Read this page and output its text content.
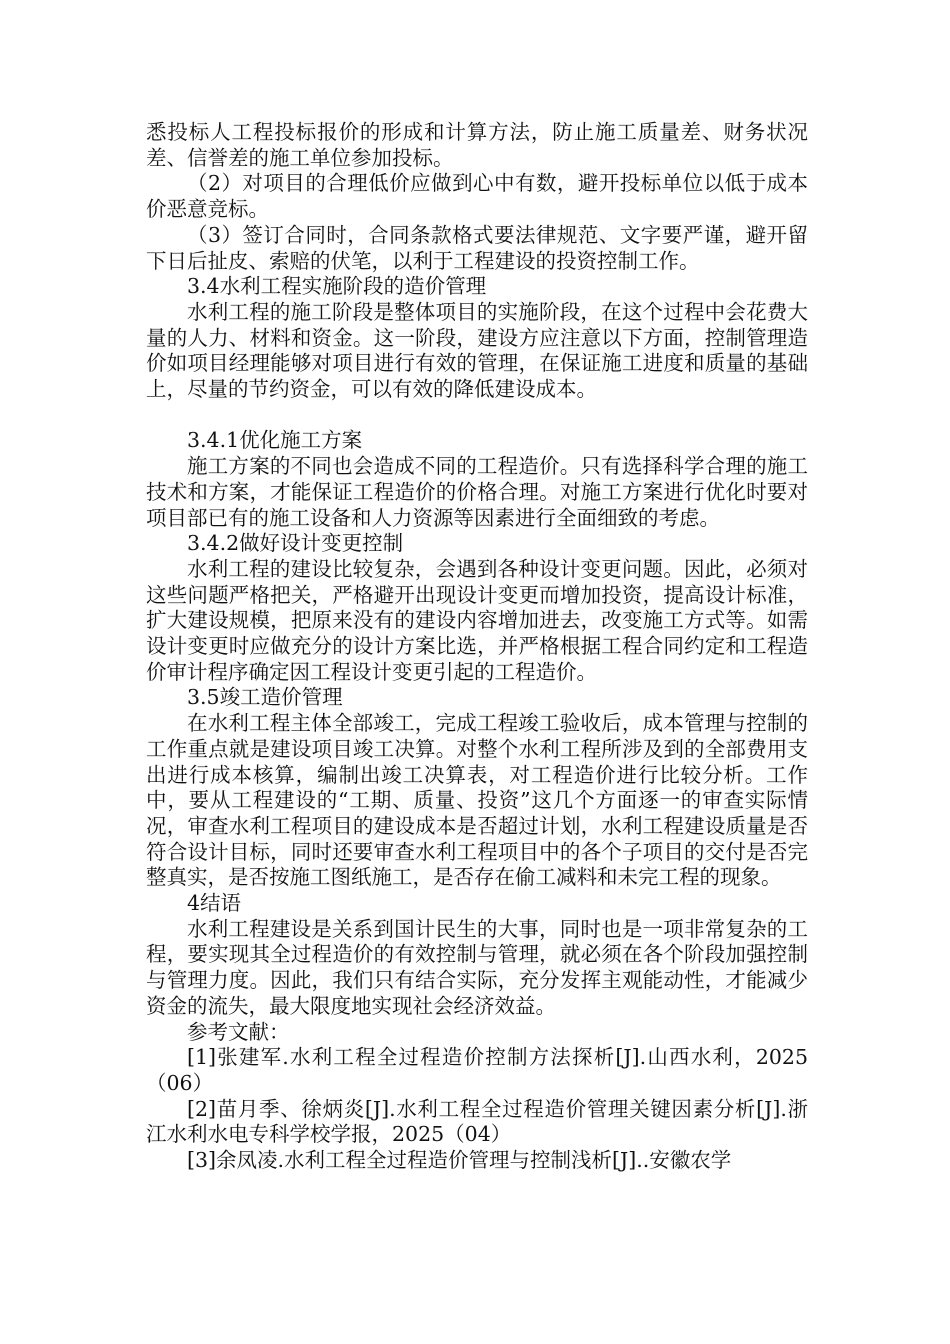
悉投标人工程投标报价的形成和计算方法，防止施工质量差、财务状况差、信誉差的施工单位参加投标。

（2）对项目的合理低价应做到心中有数，避开投标单位以低于成本价恶意竞标。

（3）签订合同时，合同条款格式要法律规范、文字要严谨，避开留下日后扯皮、索赔的伏笔，以利于工程建设的投资控制工作。

3.4水利工程实施阶段的造价管理

水利工程的施工阶段是整体项目的实施阶段，在这个过程中会花费大量的人力、材料和资金。这一阶段，建设方应注意以下方面，控制管理造价如项目经理能够对项目进行有效的管理，在保证施工进度和质量的基础上，尽量的节约资金，可以有效的降低建设成本。

3.4.1优化施工方案

施工方案的不同也会造成不同的工程造价。只有选择科学合理的施工技术和方案，才能保证工程造价的价格合理。对施工方案进行优化时要对项目部已有的施工设备和人力资源等因素进行全面细致的考虑。

3.4.2做好设计变更控制

水利工程的建设比较复杂，会遇到各种设计变更问题。因此，必须对这些问题严格把关，严格避开出现设计变更而增加投资，提高设计标准，扩大建设规模，把原来没有的建设内容增加进去，改变施工方式等。如需设计变更时应做充分的设计方案比选，并严格根据工程合同约定和工程造价审计程序确定因工程设计变更引起的工程造价。

3.5竣工造价管理

在水利工程主体全部竣工，完成工程竣工验收后，成本管理与控制的工作重点就是建设项目竣工决算。对整个水利工程所涉及到的全部费用支出进行成本核算，编制出竣工决算表，对工程造价进行比较分析。工作中，要从工程建设的“工期、质量、投资”这几个方面逐一的审查实际情况，审查水利工程项目的建设成本是否超过计划，水利工程建设质量是否符合设计目标，同时还要审查水利工程项目中的各个子项目的交付是否完整真实，是否按施工图纸施工，是否存在偷工减料和未完工程的现象。

4结语

水利工程建设是关系到国计民生的大事，同时也是一项非常复杂的工程，要实现其全过程造价的有效控制与管理，就必须在各个阶段加强控制与管理力度。因此，我们只有结合实际，充分发挥主观能动性，才能减少资金的流失，最大限度地实现社会经济效益。

参考文献：

[1]张建军.水利工程全过程造价控制方法探析[J].山西水利，2025（06）

[2]苗月季、徐炳炎[J].水利工程全过程造价管理关键因素分析[J].浙江水利水电专科学校学报，2025（04）

[3]余凤凌.水利工程全过程造价管理与控制浅析[J]..安徽农学
